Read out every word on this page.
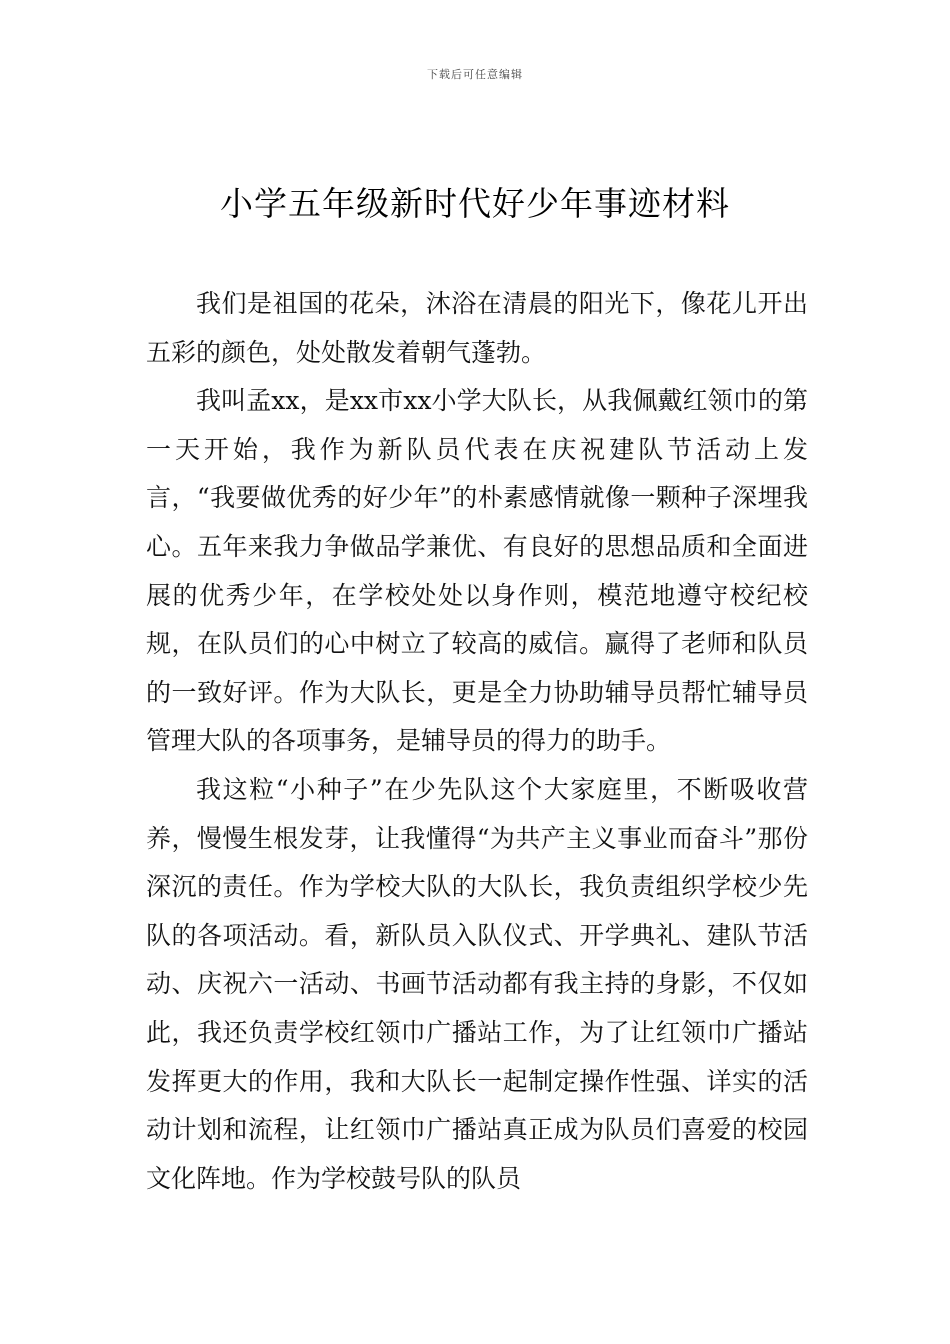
下载后可任意编辑
小学五年级新时代好少年事迹材料

我们是祖国的花朵，沐浴在清晨的阳光下，像花儿开出五彩的颜色，处处散发着朝气蓬勃。

我叫孟xx，是xx市xx小学大队长，从我佩戴红领巾的第一天开始，我作为新队员代表在庆祝建队节活动上发言，“我要做优秀的好少年”的朴素感情就像一颗种子深埋我心。五年来我力争做品学兼优、有良好的思想品质和全面进展的优秀少年，在学校处处以身作则，模范地遵守校纪校规，在队员们的心中树立了较高的威信。赢得了老师和队员的一致好评。作为大队长，更是全力协助辅导员帮忙辅导员管理大队的各项事务，是辅导员的得力的助手。

我这粒“小种子”在少先队这个大家庭里，不断吸收营养，慢慢生根发芽，让我懂得“为共产主义事业而奋斗”那份深沉的责任。作为学校大队的大队长，我负责组织学校少先队的各项活动。看，新队员入队仪式、开学典礼、建队节活动、庆祝六一活动、书画节活动都有我主持的身影，不仅如此，我还负责学校红领巾广播站工作，为了让红领巾广播站发挥更大的作用，我和大队长一起制定操作性强、详实的活动计划和流程，让红领巾广播站真正成为队员们喜爱的校园文化阵地。作为学校鼓号队的队员
